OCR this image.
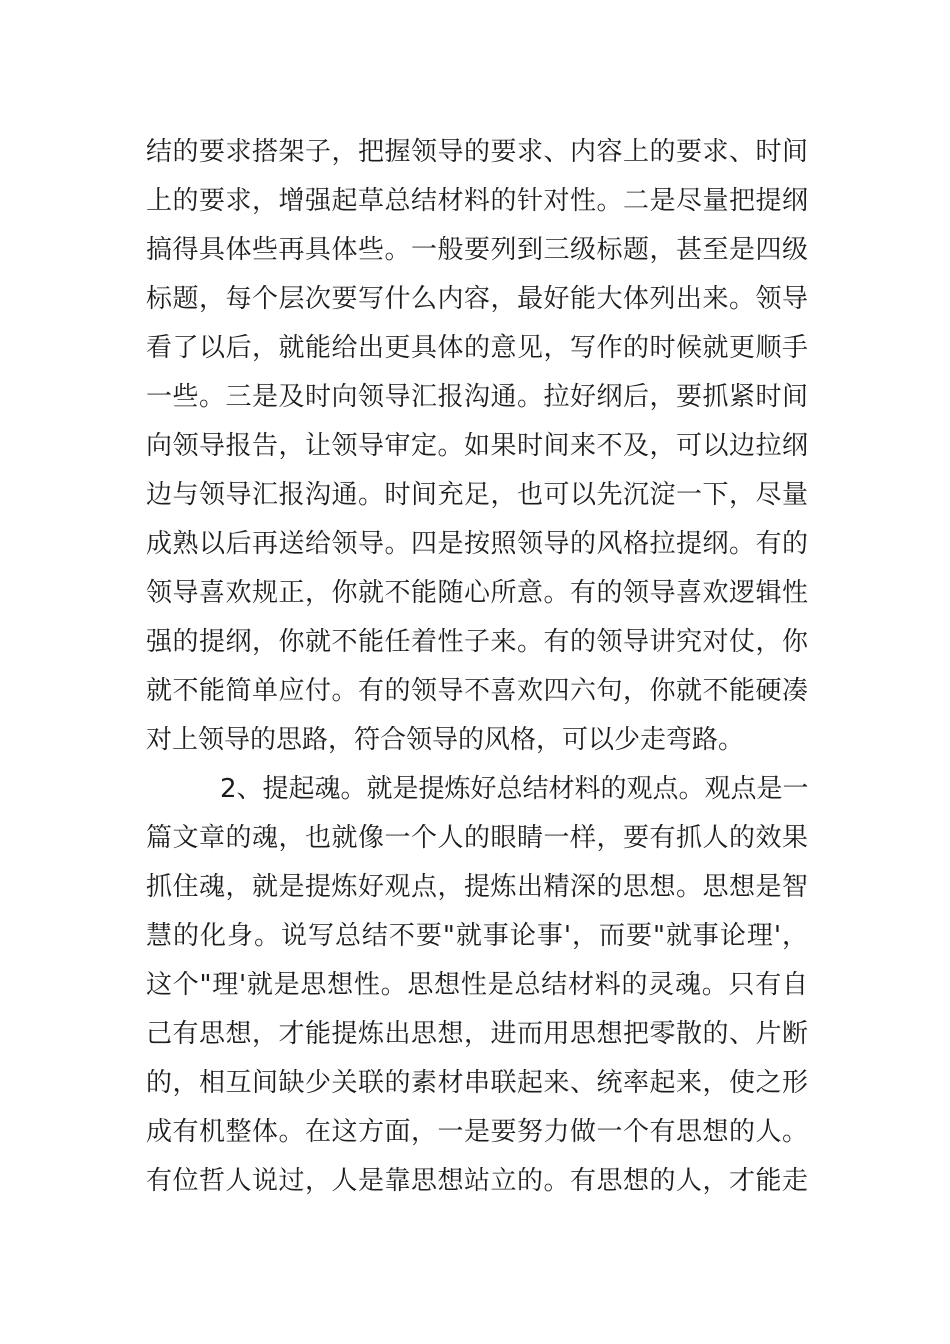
结的要求搭架子，把握领导的要求、内容上的要求、时间
上的要求，增强起草总结材料的针对性。二是尽量把提纲
搞得具体些再具体些。一般要列到三级标题，甚至是四级
标题，每个层次要写什么内容，最好能大体列出来。领导
看了以后，就能给出更具体的意见，写作的时候就更顺手
一些。三是及时向领导汇报沟通。拉好纲后，要抓紧时间
向领导报告，让领导审定。如果时间来不及，可以边拉纲
边与领导汇报沟通。时间充足，也可以先沉淀一下，尽量
成熟以后再送给领导。四是按照领导的风格拉提纲。有的
领导喜欢规正，你就不能随心所意。有的领导喜欢逻辑性
强的提纲，你就不能任着性子来。有的领导讲究对仗，你
就不能简单应付。有的领导不喜欢四六句，你就不能硬凑
对上领导的思路，符合领导的风格，可以少走弯路。
2、提起魂。就是提炼好总结材料的观点。观点是一
篇文章的魂，也就像一个人的眼睛一样，要有抓人的效果
抓住魂，就是提炼好观点，提炼出精深的思想。思想是智
慧的化身。说写总结不要"就事论事'，而要"就事论理'，
这个"理'就是思想性。思想性是总结材料的灵魂。只有自
己有思想，才能提炼出思想，进而用思想把零散的、片断
的，相互间缺少关联的素材串联起来、统率起来，使之形
成有机整体。在这方面，一是要努力做一个有思想的人。
有位哲人说过，人是靠思想站立的。有思想的人，才能走
